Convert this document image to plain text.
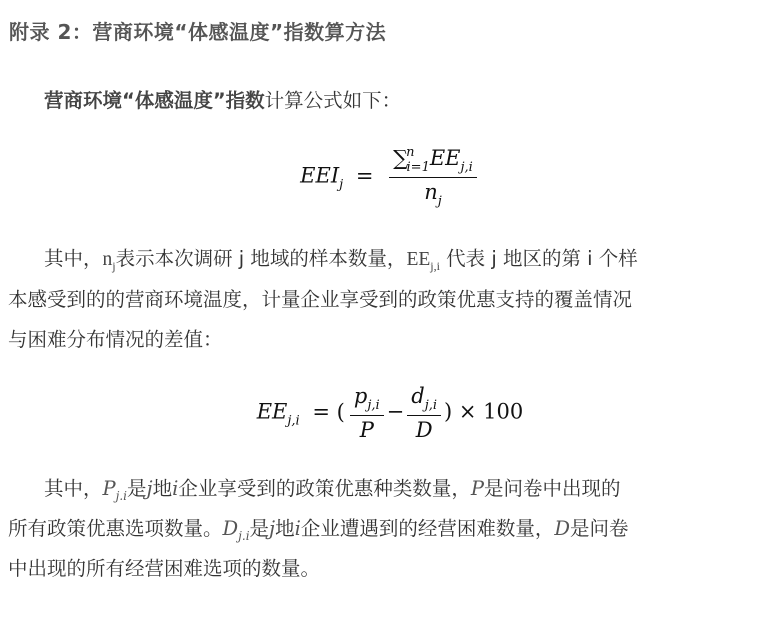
附录 2：营商环境“体感温度”指数算方法
营商环境“体感温度”指数计算公式如下：
$EEI_j = \frac{\sum^n_{i=1}EE_{j,i}}{n_j}$
其中，$n_j$表示本次调研 j 地域的样本数量，$EE_{j,i}$ 代表 j 地区的第 i 个样
本感受到的的营商环境温度，计量企业享受到的政策优惠支持的覆盖情况
与困难分布情况的差值：
$EE_{j,i}$ = ( $\frac{p_{j,i}}{P} - \frac{d_{j,i}}{D}$ ) × 100
其中，$P_{j.i}$是j地i企业享受到的政策优惠种类数量，P是问卷中出现的
所有政策优惠选项数量。$D_{j.i}$是j地i企业遭遇到的经营困难数量，D是问卷
中出现的所有经营困难选项的数量。
